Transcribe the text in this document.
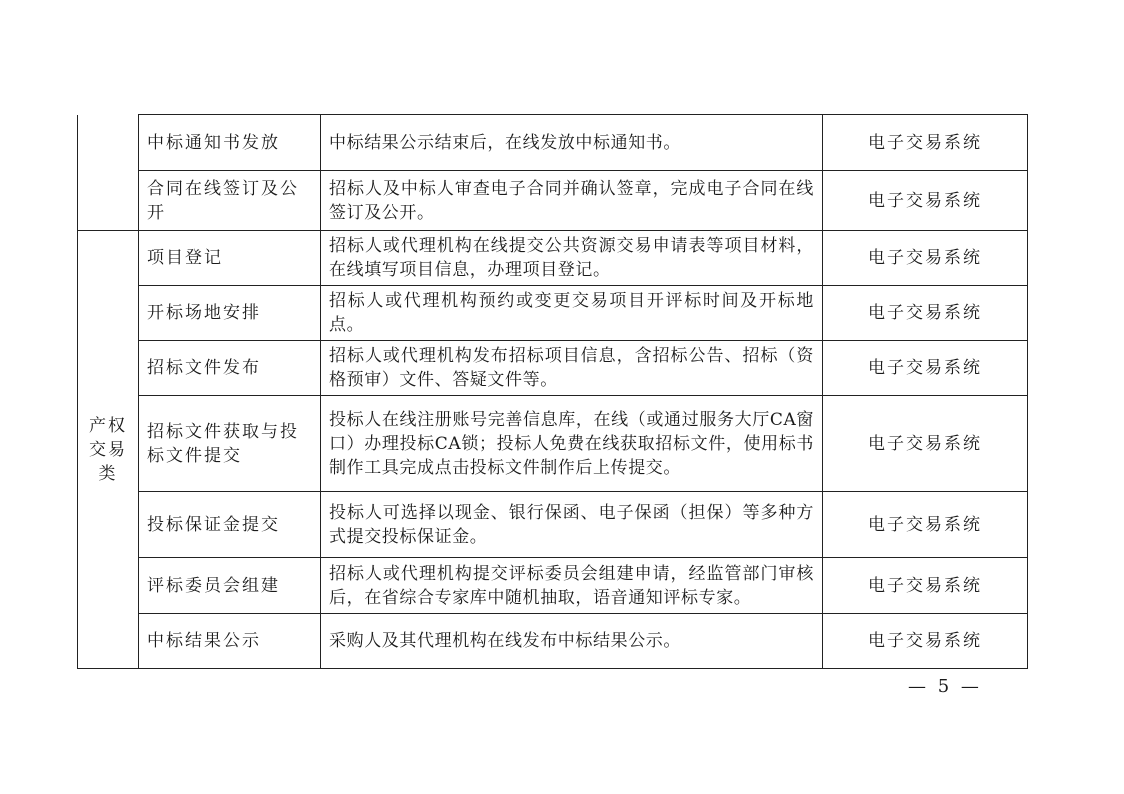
	中标通知书发放	中标结果公示结束后，在线发放中标通知书。	电子交易系统
	合同在线签订及公开	招标人及中标人审查电子合同并确认签章，完成电子合同在线签订及公开。	电子交易系统
产权交易类	项目登记	招标人或代理机构在线提交公共资源交易申请表等项目材料，在线填写项目信息，办理项目登记。	电子交易系统
	开标场地安排	招标人或代理机构预约或变更交易项目开评标时间及开标地点。	电子交易系统
	招标文件发布	招标人或代理机构发布招标项目信息，含招标公告、招标（资格预审）文件、答疑文件等。	电子交易系统
	招标文件获取与投标文件提交	投标人在线注册账号完善信息库，在线（或通过服务大厅CA窗口）办理投标CA锁；投标人免费在线获取招标文件，使用标书制作工具完成点击投标文件制作后上传提交。	电子交易系统
	投标保证金提交	投标人可选择以现金、银行保函、电子保函（担保）等多种方式提交投标保证金。	电子交易系统
	评标委员会组建	招标人或代理机构提交评标委员会组建申请，经监管部门审核后，在省综合专家库中随机抽取，语音通知评标专家。	电子交易系统
	中标结果公示	采购人及其代理机构在线发布中标结果公示。	电子交易系统
— 5 —
